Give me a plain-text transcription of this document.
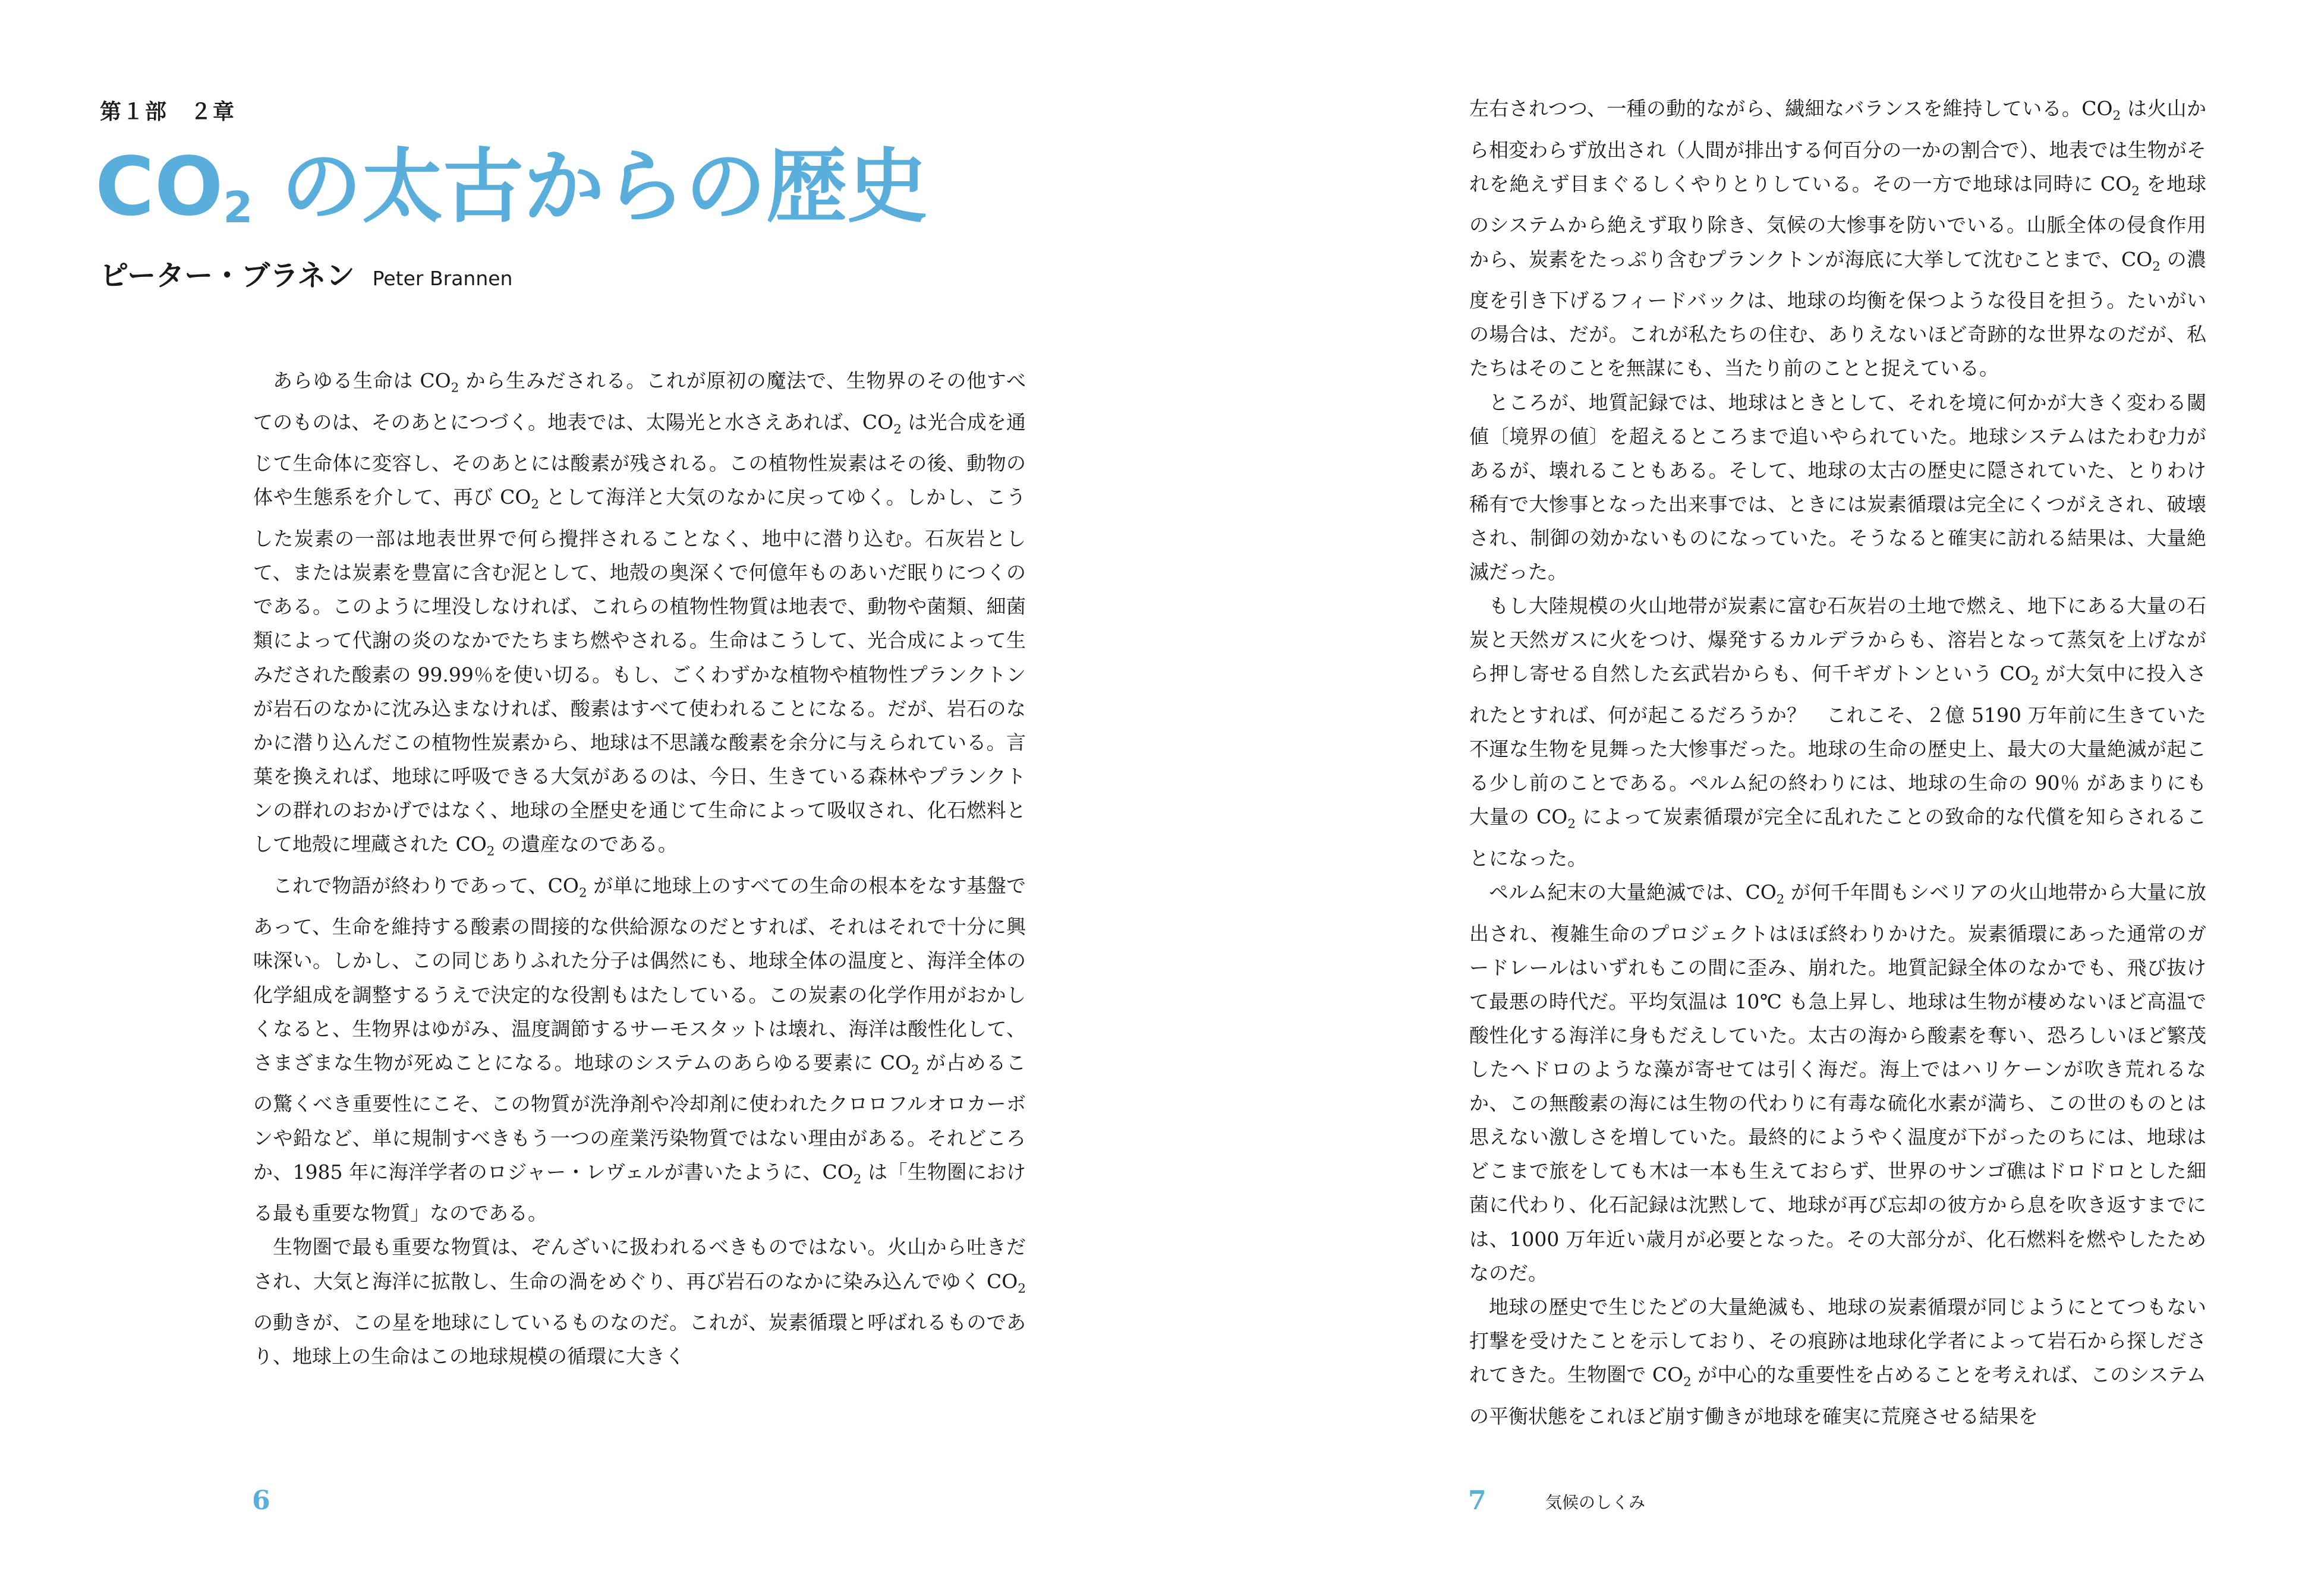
第１部　２章
$CO_2$ の太古からの歴史
ピーター・ブラネン Peter Brannen

あらゆる生命は $CO_2$ から生みだされる。これが原初の魔法で、生物界のその他すべてのものは、そのあとにつづく。地表では、太陽光と水さえあれば、$CO_2$ は光合成を通じて生命体に変容し、そのあとには酸素が残される。この植物性炭素はその後、動物の体や生態系を介して、再び $CO_2$ として海洋と大気のなかに戻ってゆく。しかし、こうした炭素の一部は地表世界で何ら攪拌されることなく、地中に潜り込む。石灰岩として、または炭素を豊富に含む泥として、地殻の奥深くで何億年ものあいだ眠りにつくのである。このように埋没しなければ、これらの植物性物質は地表で、動物や菌類、細菌類によって代謝の炎のなかでたちまち燃やされる。生命はこうして、光合成によって生みだされた酸素の 99.99％を使い切る。もし、ごくわずかな植物や植物性プランクトンが岩石のなかに沈み込まなければ、酸素はすべて使われることになる。だが、岩石のなかに潜り込んだこの植物性炭素から、地球は不思議な酸素を余分に与えられている。言葉を換えれば、地球に呼吸できる大気があるのは、今日、生きている森林やプランクトンの群れのおかげではなく、地球の全歴史を通じて生命によって吸収され、化石燃料として地殻に埋蔵された $CO_2$ の遺産なのである。

これで物語が終わりであって、$CO_2$ が単に地球上のすべての生命の根本をなす基盤であって、生命を維持する酸素の間接的な供給源なのだとすれば、それはそれで十分に興味深い。しかし、この同じありふれた分子は偶然にも、地球全体の温度と、海洋全体の化学組成を調整するうえで決定的な役割もはたしている。この炭素の化学作用がおかしくなると、生物界はゆがみ、温度調節するサーモスタットは壊れ、海洋は酸性化して、さまざまな生物が死ぬことになる。地球のシステムのあらゆる要素に $CO_2$ が占めるこの驚くべき重要性にこそ、この物質が洗浄剤や冷却剤に使われたクロロフルオロカーボンや鉛など、単に規制すべきもう一つの産業汚染物質ではない理由がある。それどころか、1985 年に海洋学者のロジャー・レヴェルが書いたように、$CO_2$ は「生物圏における最も重要な物質」なのである。

生物圏で最も重要な物質は、ぞんざいに扱われるべきものではない。火山から吐きだされ、大気と海洋に拡散し、生命の渦をめぐり、再び岩石のなかに染み込んでゆく $CO_2$ の動きが、この星を地球にしているものなのだ。これが、炭素循環と呼ばれるものであり、地球上の生命はこの地球規模の循環に大きく

6

左右されつつ、一種の動的ながら、繊細なバランスを維持している。$CO_2$ は火山から相変わらず放出され（人間が排出する何百分の一かの割合で）、地表では生物がそれを絶えず目まぐるしくやりとりしている。その一方で地球は同時に $CO_2$ を地球のシステムから絶えず取り除き、気候の大惨事を防いでいる。山脈全体の侵食作用から、炭素をたっぷり含むプランクトンが海底に大挙して沈むことまで、$CO_2$ の濃度を引き下げるフィードバックは、地球の均衡を保つような役目を担う。たいがいの場合は、だが。これが私たちの住む、ありえないほど奇跡的な世界なのだが、私たちはそのことを無謀にも、当たり前のことと捉えている。

ところが、地質記録では、地球はときとして、それを境に何かが大きく変わる閾値〔境界の値〕を超えるところまで追いやられていた。地球システムはたわむ力があるが、壊れることもある。そして、地球の太古の歴史に隠されていた、とりわけ稀有で大惨事となった出来事では、ときには炭素循環は完全にくつがえされ、破壊され、制御の効かないものになっていた。そうなると確実に訪れる結果は、大量絶滅だった。

もし大陸規模の火山地帯が炭素に富む石灰岩の土地で燃え、地下にある大量の石炭と天然ガスに火をつけ、爆発するカルデラからも、溶岩となって蒸気を上げながら押し寄せる自然した玄武岩からも、何千ギガトンという $CO_2$ が大気中に投入されたとすれば、何が起こるだろうか？　これこそ、２億 5190 万年前に生きていた不運な生物を見舞った大惨事だった。地球の生命の歴史上、最大の大量絶滅が起こる少し前のことである。ペルム紀の終わりには、地球の生命の 90％ があまりにも大量の $CO_2$ によって炭素循環が完全に乱れたことの致命的な代償を知らされることになった。

ペルム紀末の大量絶滅では、$CO_2$ が何千年間もシベリアの火山地帯から大量に放出され、複雑生命のプロジェクトはほぼ終わりかけた。炭素循環にあった通常のガードレールはいずれもこの間に歪み、崩れた。地質記録全体のなかでも、飛び抜けて最悪の時代だ。平均気温は 10℃ も急上昇し、地球は生物が棲めないほど高温で酸性化する海洋に身もだえしていた。太古の海から酸素を奪い、恐ろしいほど繁茂したヘドロのような藻が寄せては引く海だ。海上ではハリケーンが吹き荒れるなか、この無酸素の海には生物の代わりに有毒な硫化水素が満ち、この世のものとは思えない激しさを増していた。最終的にようやく温度が下がったのちには、地球はどこまで旅をしても木は一本も生えておらず、世界のサンゴ礁はドロドロとした細菌に代わり、化石記録は沈黙して、地球が再び忘却の彼方から息を吹き返すまでには、1000 万年近い歳月が必要となった。その大部分が、化石燃料を燃やしたためなのだ。

地球の歴史で生じたどの大量絶滅も、地球の炭素循環が同じようにとてつもない打撃を受けたことを示しており、その痕跡は地球化学者によって岩石から探しだされてきた。生物圏で $CO_2$ が中心的な重要性を占めることを考えれば、このシステムの平衡状態をこれほど崩す働きが地球を確実に荒廃させる結果を

7	気候のしくみ
